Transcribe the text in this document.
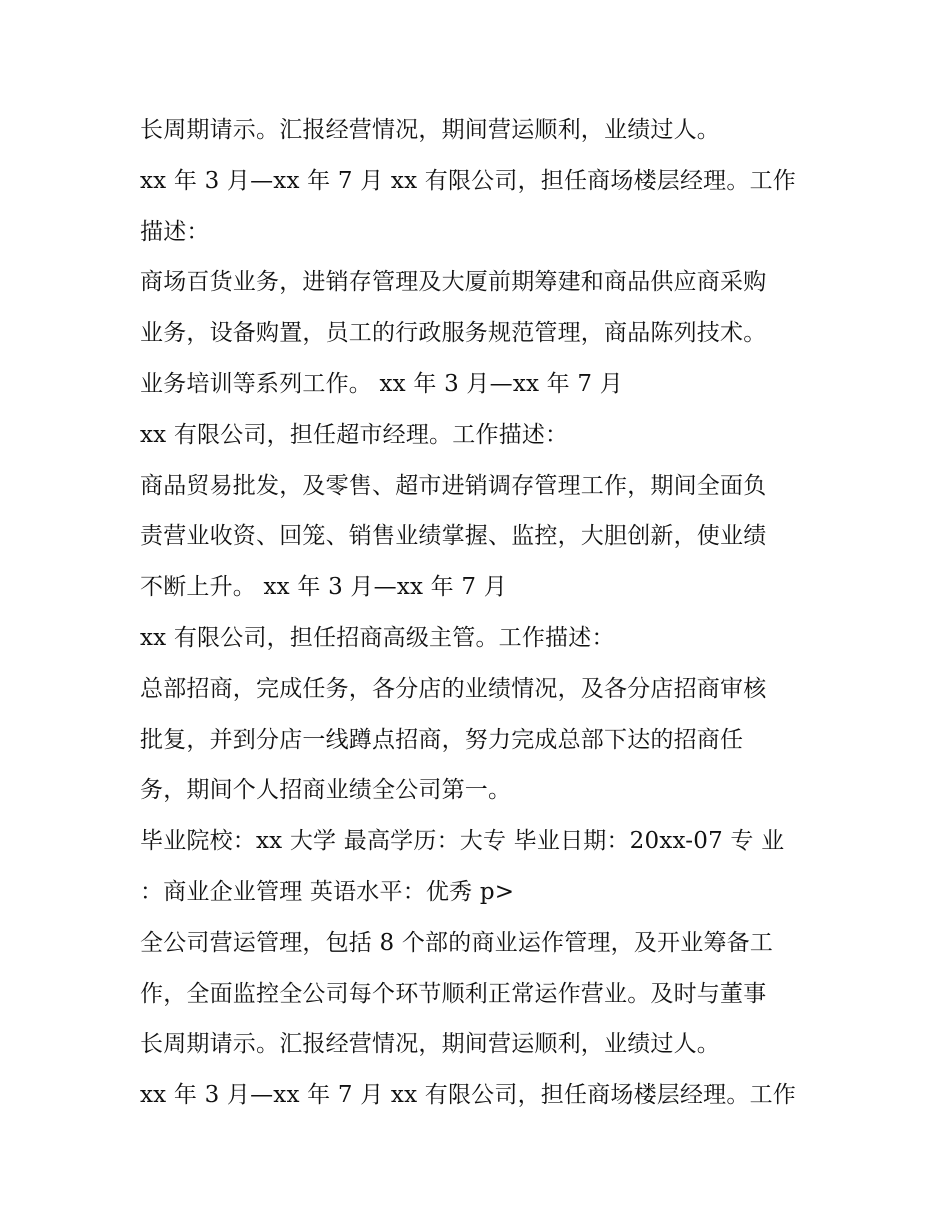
长周期请示。汇报经营情况，期间营运顺利，业绩过人。
xx 年 3 月—xx 年 7 月 xx 有限公司，担任商场楼层经理。工作
描述：
商场百货业务，进销存管理及大厦前期筹建和商品供应商采购
业务，设备购置，员工的行政服务规范管理，商品陈列技术。
业务培训等系列工作。 xx 年 3 月—xx 年 7 月
xx 有限公司，担任超市经理。工作描述：
商品贸易批发，及零售、超市进销调存管理工作，期间全面负
责营业收资、回笼、销售业绩掌握、监控，大胆创新，使业绩
不断上升。 xx 年 3 月—xx 年 7 月
xx 有限公司，担任招商高级主管。工作描述：
总部招商，完成任务，各分店的业绩情况，及各分店招商审核
批复，并到分店一线蹲点招商，努力完成总部下达的招商任
务，期间个人招商业绩全公司第一。
毕业院校：xx 大学 最高学历：大专 毕业日期：20xx-07 专 业
：商业企业管理 英语水平：优秀 p>
全公司营运管理，包括 8 个部的商业运作管理，及开业筹备工
作，全面监控全公司每个环节顺利正常运作营业。及时与董事
长周期请示。汇报经营情况，期间营运顺利，业绩过人。
xx 年 3 月—xx 年 7 月 xx 有限公司，担任商场楼层经理。工作
